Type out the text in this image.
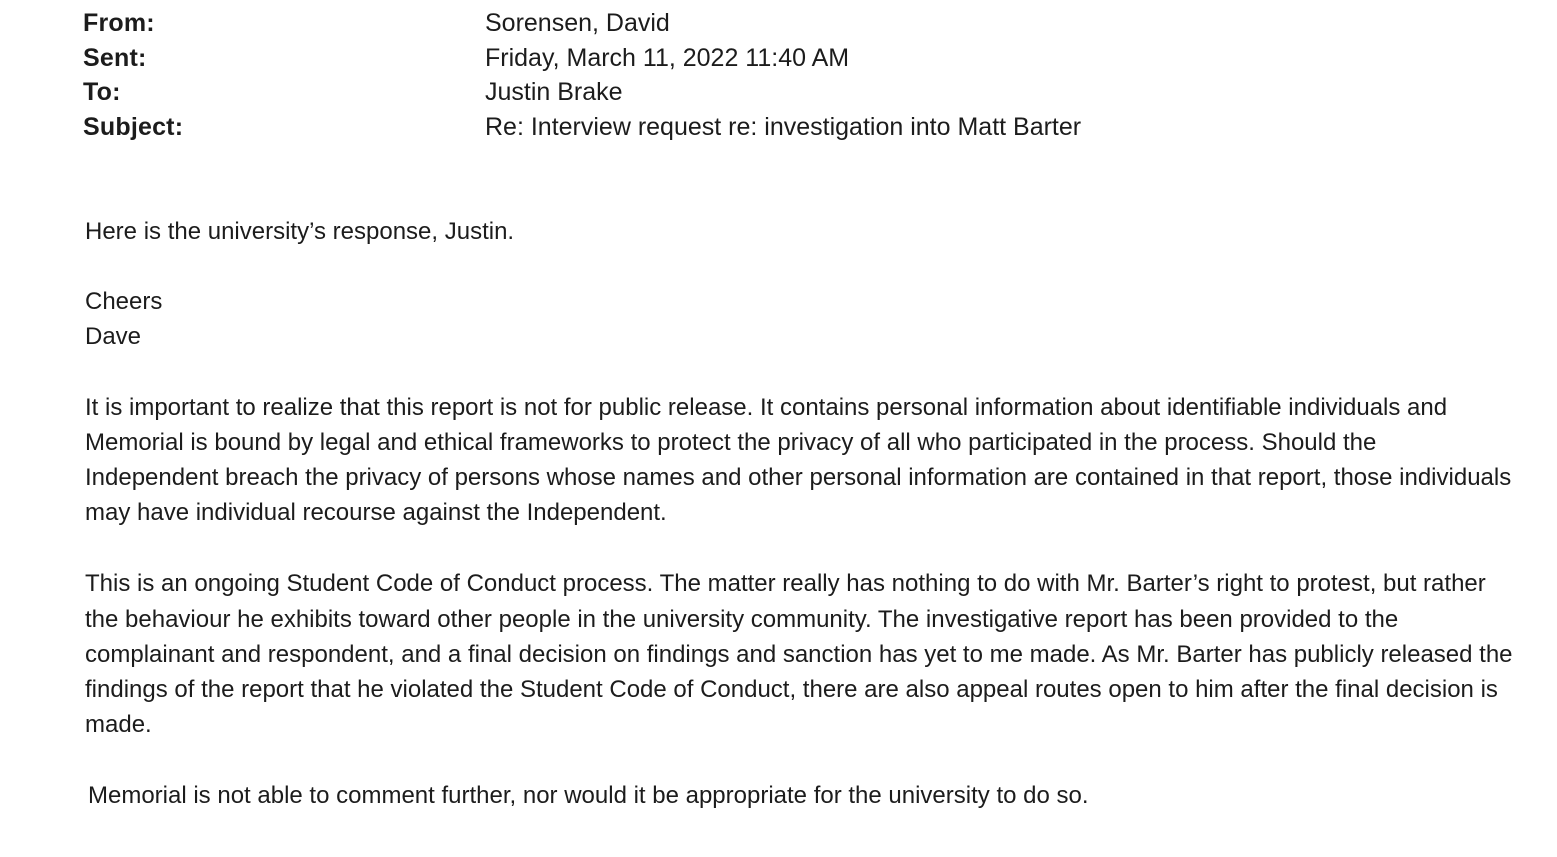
From:	Sorensen, David
Sent:	Friday, March 11, 2022 11:40 AM
To:	Justin Brake
Subject:	Re: Interview request re: investigation into Matt Barter

Here is the university’s response, Justin.

Cheers

Dave

It is important to realize that this report is not for public release. It contains personal information about identifiable individuals and Memorial is bound by legal and ethical frameworks to protect the privacy of all who participated in the process. Should the Independent breach the privacy of persons whose names and other personal information are contained in that report, those individuals may have individual recourse against the Independent.

This is an ongoing Student Code of Conduct process. The matter really has nothing to do with Mr. Barter’s right to protest, but rather the behaviour he exhibits toward other people in the university community. The investigative report has been provided to the complainant and respondent, and a final decision on findings and sanction has yet to me made. As Mr. Barter has publicly released the findings of the report that he violated the Student Code of Conduct, there are also appeal routes open to him after the final decision is made.

Memorial is not able to comment further, nor would it be appropriate for the university to do so.
